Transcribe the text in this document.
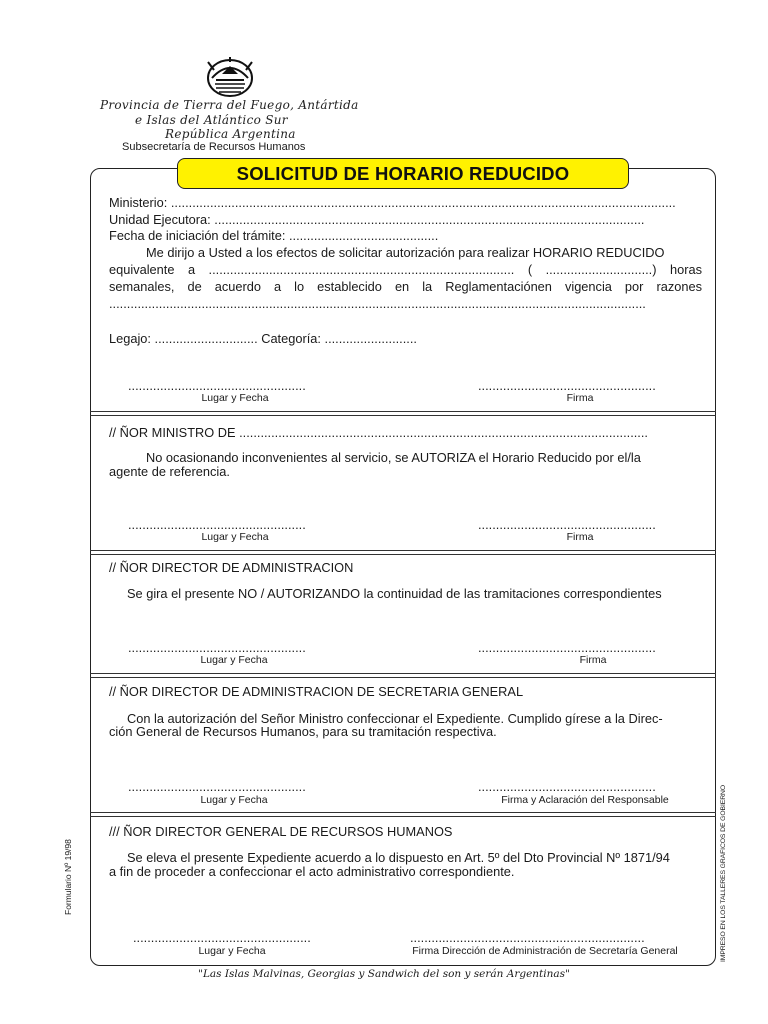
Provincia de Tierra del Fuego, Antártida
e Islas del Atlántico Sur
República Argentina
Subsecretaría de Recursos Humanos
SOLICITUD DE HORARIO REDUCIDO
Ministerio: ..............................................................................................................................................
Unidad Ejecutora: .........................................................................................................................
Fecha de iniciación del trámite: ..........................................
Me dirijo a Usted a los efectos de solicitar autorización para realizar HORARIO REDUCIDO
equivalente a ...................................................................................... ( ..............................) horas
semanales, de acuerdo a lo establecido en la Reglamentaciónen vigencia por razones
.......................................................................................................................................................
Legajo: ............................. Categoría: ..........................
..................................................	..................................................
Lugar y Fecha	Firma
// ÑOR MINISTRO DE ...................................................................................................................
No ocasionando inconvenientes al servicio, se AUTORIZA el Horario Reducido por el/la
agente de referencia.
..................................................	..................................................
Lugar y Fecha	Firma
// ÑOR DIRECTOR DE ADMINISTRACION
Se gira el presente NO / AUTORIZANDO la continuidad de las tramitaciones correspondientes
..................................................	..................................................
Lugar y Fecha	Firma
// ÑOR DIRECTOR DE ADMINISTRACION DE SECRETARIA GENERAL
Con la autorización del Señor Ministro confeccionar el Expediente. Cumplido gírese a la Direc-
ción General de Recursos Humanos, para su tramitación respectiva.
..................................................	..................................................
Lugar y Fecha	Firma y Aclaración del Responsable
/// ÑOR DIRECTOR GENERAL DE RECURSOS HUMANOS
Se eleva el presente Expediente acuerdo a lo dispuesto en Art. 5º del Dto Provincial Nº 1871/94
a fin de proceder a confeccionar el acto administrativo correspondiente.
..................................................	..................................................................
Lugar y Fecha	Firma Dirección de Administración de Secretaría General
Formulario Nº 19/98	IMPRESO EN LOS TALLERES GRAFICOS DE GOBIERNO
"Las Islas Malvinas, Georgias y Sandwich del son y serán Argentinas"
